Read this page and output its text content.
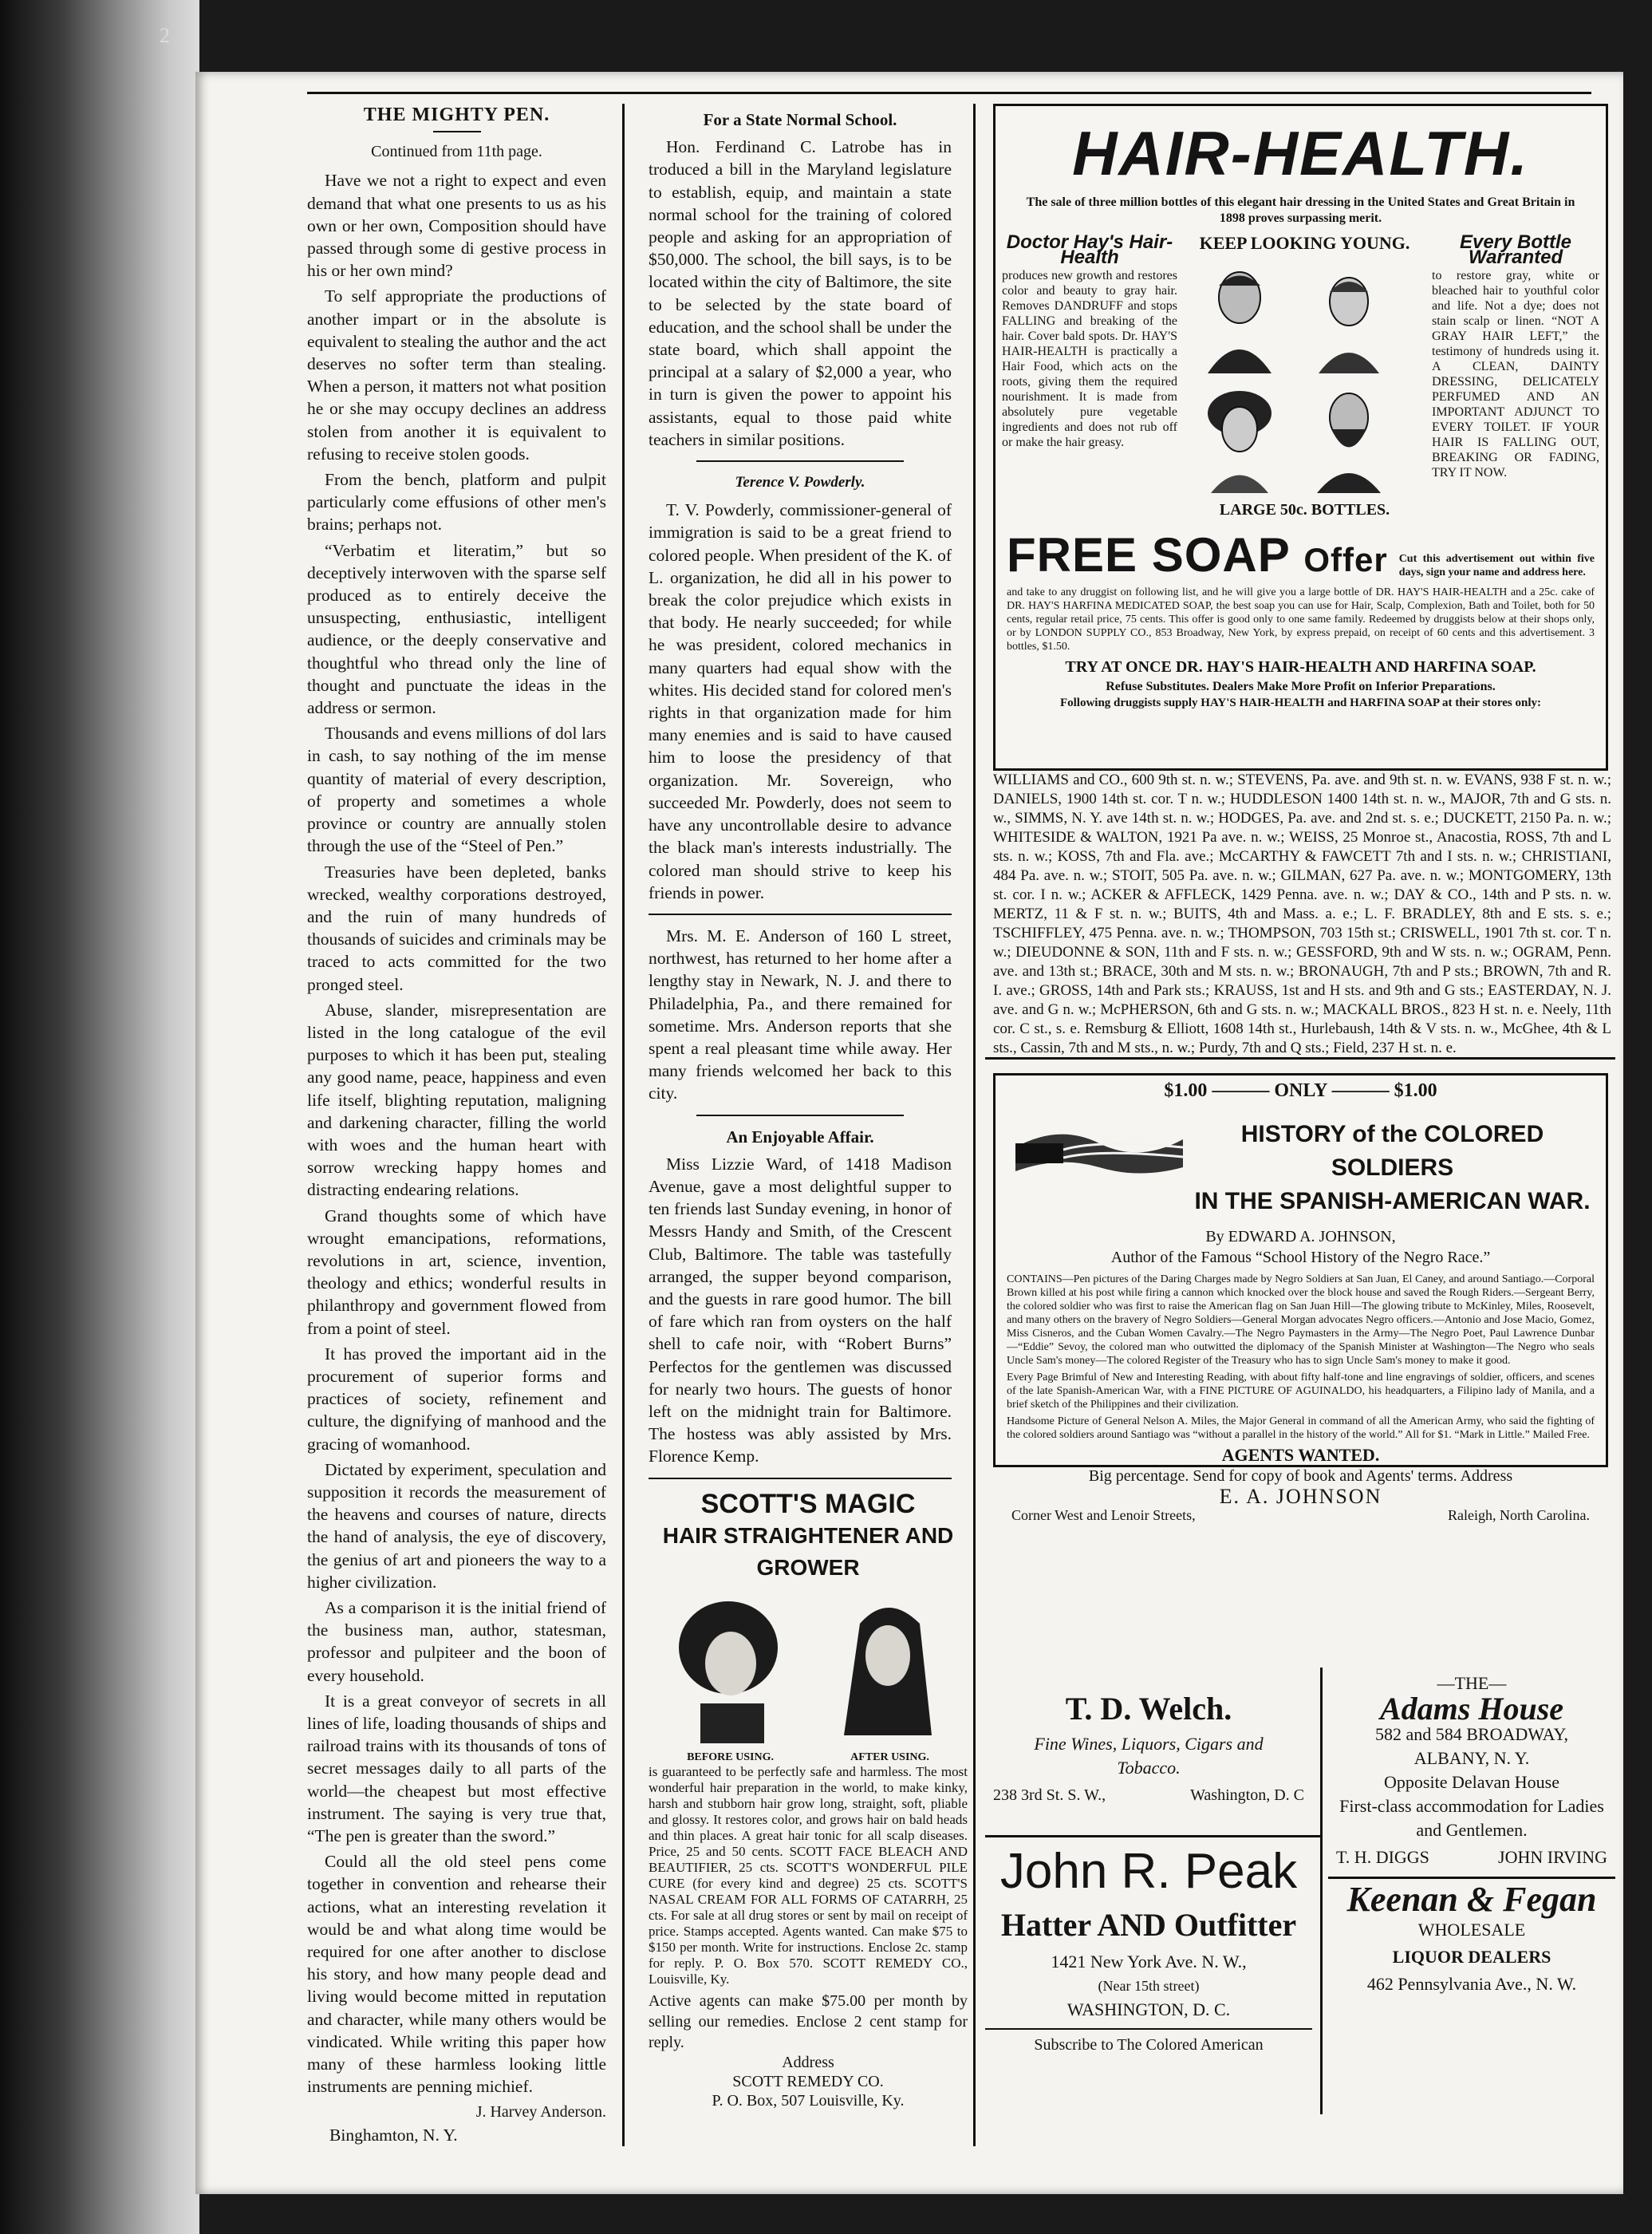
2
THE MIGHTY PEN.
Continued from 11th page.

Have we not a right to expect and even demand that what one presents to us as his own or her own, Composition should have passed through some di gestive process in his or her own mind?

To self appropriate the productions of another impart or in the absolute is equivalent to stealing the author and the act deserves no softer term than stealing. When a person, it matters not what position he or she may occupy declines an address stolen from another it is equivalent to refusing to receive stolen goods.

From the bench, platform and pulpit particularly come effusions of other men's brains; perhaps not.

“Verbatim et literatim,” but so deceptively interwoven with the sparse self produced as to entirely deceive the unsuspecting, enthusiastic, intelligent audience, or the deeply conservative and thoughtful who thread only the line of thought and punctuate the ideas in the address or sermon.

Thousands and evens millions of dol lars in cash, to say nothing of the im mense quantity of material of every description, of property and sometimes a whole province or country are annually stolen through the use of the “Steel of Pen.”

Treasuries have been depleted, banks wrecked, wealthy corporations destroyed, and the ruin of many hundreds of thousands of suicides and criminals may be traced to acts committed for the two pronged steel.

Abuse, slander, misrepresentation are listed in the long catalogue of the evil purposes to which it has been put, stealing any good name, peace, happiness and even life itself, blighting reputation, maligning and darkening character, filling the world with woes and the human heart with sorrow wrecking happy homes and distracting endearing relations.

Grand thoughts some of which have wrought emancipations, reformations, revolutions in art, science, invention, theology and ethics; wonderful results in philanthropy and government flowed from from a point of steel.

It has proved the important aid in the procurement of superior forms and practices of society, refinement and culture, the dignifying of manhood and the gracing of womanhood.

Dictated by experiment, speculation and supposition it records the measurement of the heavens and courses of nature, directs the hand of analysis, the eye of discovery, the genius of art and pioneers the way to a higher civilization.

As a comparison it is the initial friend of the business man, author, statesman, professor and pulpiteer and the boon of every household.

It is a great conveyor of secrets in all lines of life, loading thousands of ships and railroad trains with its thousands of tons of secret messages daily to all parts of the world—the cheapest but most effective instrument. The saying is very true that, “The pen is greater than the sword.”

Could all the old steel pens come together in convention and rehearse their actions, what an interesting revelation it would be and what along time would be required for one after another to disclose his story, and how many people dead and living would become mitted in reputation and character, while many others would be vindicated. While writing this paper how many of these harmless looking little instruments are penning michief.

J. Harvey Anderson.

Binghamton, N. Y.

For a State Normal School.

Hon. Ferdinand C. Latrobe has in troduced a bill in the Maryland legislature to establish, equip, and maintain a state normal school for the training of colored people and asking for an appropriation of $50,000. The school, the bill says, is to be located within the city of Baltimore, the site to be selected by the state board of education, and the school shall be under the state board, which shall appoint the principal at a salary of $2,000 a year, who in turn is given the power to appoint his assistants, equal to those paid white teachers in similar positions.

Terence V. Powderly.

T. V. Powderly, commissioner-general of immigration is said to be a great friend to colored people. When president of the K. of L. organization, he did all in his power to break the color prejudice which exists in that body. He nearly succeeded; for while he was president, colored mechanics in many quarters had equal show with the whites. His decided stand for colored men's rights in that organization made for him many enemies and is said to have caused him to loose the presidency of that organization. Mr. Sovereign, who succeeded Mr. Powderly, does not seem to have any uncontrollable desire to advance the black man's interests industrially. The colored man should strive to keep his friends in power.

Mrs. M. E. Anderson of 160 L street, northwest, has returned to her home after a lengthy stay in Newark, N. J. and there to Philadelphia, Pa., and there remained for sometime. Mrs. Anderson reports that she spent a real pleasant time while away. Her many friends welcomed her back to this city.

An Enjoyable Affair.

Miss Lizzie Ward, of 1418 Madison Avenue, gave a most delightful supper to ten friends last Sunday evening, in honor of Messrs Handy and Smith, of the Crescent Club, Baltimore. The table was tastefully arranged, the supper beyond comparison, and the guests in rare good humor. The bill of fare which ran from oysters on the half shell to cafe noir, with “Robert Burns” Perfectos for the gentlemen was discussed for nearly two hours. The guests of honor left on the midnight train for Baltimore. The hostess was ably assisted by Mrs. Florence Kemp.

SCOTT'S MAGIC
HAIR STRAIGHTENER AND GROWER
BEFORE USING.	AFTER USING.
is guaranteed to be perfectly safe and harmless. The most wonderful hair preparation in the world, to make kinky, harsh and stubborn hair grow long, straight, soft, pliable and glossy. It restores color, and grows hair on bald heads and thin places. A great hair tonic for all scalp diseases. Price, 25 and 50 cents. SCOTT FACE BLEACH AND BEAUTIFIER, 25 cts. SCOTT'S WONDERFUL PILE CURE (for every kind and degree) 25 cts. SCOTT'S NASAL CREAM FOR ALL FORMS OF CATARRH, 25 cts. For sale at all drug stores or sent by mail on receipt of price. Stamps accepted. Agents wanted. Can make $75 to $150 per month. Write for instructions. Enclose 2c. stamp for reply. P. O. Box 570. SCOTT REMEDY CO., Louisville, Ky.
Active agents can make $75.00 per month by selling our remedies. Enclose 2 cent stamp for reply.
Address
SCOTT REMEDY CO.
P. O. Box, 507 Louisville, Ky.
HAIR-HEALTH.
The sale of three million bottles of this elegant hair dressing in the United States and Great Britain in 1898 proves surpassing merit.
Doctor Hay's Hair-Health
produces new growth and restores color and beauty to gray hair. Removes DANDRUFF and stops FALLING and breaking of the hair. Cover bald spots. Dr. HAY'S HAIR-HEALTH is practically a Hair Food, which acts on the roots, giving them the required nourishment. It is made from absolutely pure vegetable ingredients and does not rub off or make the hair greasy.
KEEP LOOKING YOUNG.
LARGE 50c. BOTTLES.
Every Bottle Warranted
to restore gray, white or bleached hair to youthful color and life. Not a dye; does not stain scalp or linen. “NOT A GRAY HAIR LEFT,” the testimony of hundreds using it. A CLEAN, DAINTY DRESSING, DELICATELY PERFUMED AND AN IMPORTANT ADJUNCT TO EVERY TOILET. IF YOUR HAIR IS FALLING OUT, BREAKING OR FADING, TRY IT NOW.
FREE SOAP Offer Cut this advertisement out within five days, sign your name and address here.
and take to any druggist on following list, and he will give you a large bottle of DR. HAY'S HAIR-HEALTH and a 25c. cake of DR. HAY'S HARFINA MEDICATED SOAP, the best soap you can use for Hair, Scalp, Complexion, Bath and Toilet, both for 50 cents, regular retail price, 75 cents. This offer is good only to one same family. Redeemed by druggists below at their shops only, or by LONDON SUPPLY CO., 853 Broadway, New York, by express prepaid, on receipt of 60 cents and this advertisement. 3 bottles, $1.50.
TRY AT ONCE DR. HAY'S HAIR-HEALTH AND HARFINA SOAP.
Refuse Substitutes. Dealers Make More Profit on Inferior Preparations.
Following druggists supply HAY'S HAIR-HEALTH and HARFINA SOAP at their stores only:
WILLIAMS and CO., 600 9th st. n. w.; STEVENS, Pa. ave. and 9th st. n. w. EVANS, 938 F st. n. w.; DANIELS, 1900 14th st. cor. T n. w.; HUDDLESON 1400 14th st. n. w., MAJOR, 7th and G sts. n. w., SIMMS, N. Y. ave 14th st. n. w.; HODGES, Pa. ave. and 2nd st. s. e.; DUCKETT, 2150 Pa. n. w.; WHITESIDE & WALTON, 1921 Pa ave. n. w.; WEISS, 25 Monroe st., Anacostia, ROSS, 7th and L sts. n. w.; KOSS, 7th and Fla. ave.; McCARTHY & FAWCETT 7th and I sts. n. w.; CHRISTIANI, 484 Pa. ave. n. w.; STOIT, 505 Pa. ave. n. w.; GILMAN, 627 Pa. ave. n. w.; MONTGOMERY, 13th st. cor. I n. w.; ACKER & AFFLECK, 1429 Penna. ave. n. w.; DAY & CO., 14th and P sts. n. w. MERTZ, 11 & F st. n. w.; BUITS, 4th and Mass. a. e.; L. F. BRADLEY, 8th and E sts. s. e.; TSCHIFFLEY, 475 Penna. ave. n. w.; THOMPSON, 703 15th st.; CRISWELL, 1901 7th st. cor. T n. w.; DIEUDONNE & SON, 11th and F sts. n. w.; GESSFORD, 9th and W sts. n. w.; OGRAM, Penn. ave. and 13th st.; BRACE, 30th and M sts. n. w.; BRONAUGH, 7th and P sts.; BROWN, 7th and R. I. ave.; GROSS, 14th and Park sts.; KRAUSS, 1st and H sts. and 9th and G sts.; EASTERDAY, N. J. ave. and G n. w.; McPHERSON, 6th and G sts. n. w.; MACKALL BROS., 823 H st. n. e. Neely, 11th cor. C st., s. e. Remsburg & Elliott, 1608 14th st., Hurlebaush, 14th & V sts. n. w., McGhee, 4th & L sts., Cassin, 7th and M sts., n. w.; Purdy, 7th and Q sts.; Field, 237 H st. n. e.
$1.00 ——— ONLY ——— $1.00
HISTORY of the COLORED SOLDIERS
IN THE SPANISH-AMERICAN WAR.
By EDWARD A. JOHNSON,
Author of the Famous “School History of the Negro Race.”
CONTAINS—Pen pictures of the Daring Charges made by Negro Soldiers at San Juan, El Caney, and around Santiago.—Corporal Brown killed at his post while firing a cannon which knocked over the block house and saved the Rough Riders.—Sergeant Berry, the colored soldier who was first to raise the American flag on San Juan Hill—The glowing tribute to McKinley, Miles, Roosevelt, and many others on the bravery of Negro Soldiers—General Morgan advocates Negro officers.—Antonio and Jose Macio, Gomez, Miss Cisneros, and the Cuban Women Cavalry.—The Negro Paymasters in the Army—The Negro Poet, Paul Lawrence Dunbar—“Eddie” Sevoy, the colored man who outwitted the diplomacy of the Spanish Minister at Washington—The Negro who seals Uncle Sam's money—The colored Register of the Treasury who has to sign Uncle Sam's money to make it good.
Every Page Brimful of New and Interesting Reading, with about fifty half-tone and line engravings of soldier, officers, and scenes of the late Spanish-American War, with a FINE PICTURE OF AGUINALDO, his headquarters, a Filipino lady of Manila, and a brief sketch of the Philippines and their civilization.
Handsome Picture of General Nelson A. Miles, the Major General in command of all the American Army, who said the fighting of the colored soldiers around Santiago was “without a parallel in the history of the world.” All for $1. “Mark in Little.” Mailed Free.
AGENTS WANTED.
Big percentage. Send for copy of book and Agents' terms. Address
E. A. JOHNSON
Corner West and Lenoir Streets,	Raleigh, North Carolina.
T. D. Welch.
Fine Wines, Liquors, Cigars and
Tobacco.
238 3rd St. S. W.,	Washington, D. C
John R. Peak
Hatter AND Outfitter
1421 New York Ave. N. W.,
(Near 15th street)
WASHINGTON, D. C.
Subscribe to The Colored American
—THE—
Adams House
582 and 584 BROADWAY,
ALBANY, N. Y.
Opposite Delavan House
First-class accommodation for Ladies and Gentlemen.
T. H. DIGGS	JOHN IRVING
Keenan & Fegan
WHOLESALE
LIQUOR DEALERS
462 Pennsylvania Ave., N. W.
